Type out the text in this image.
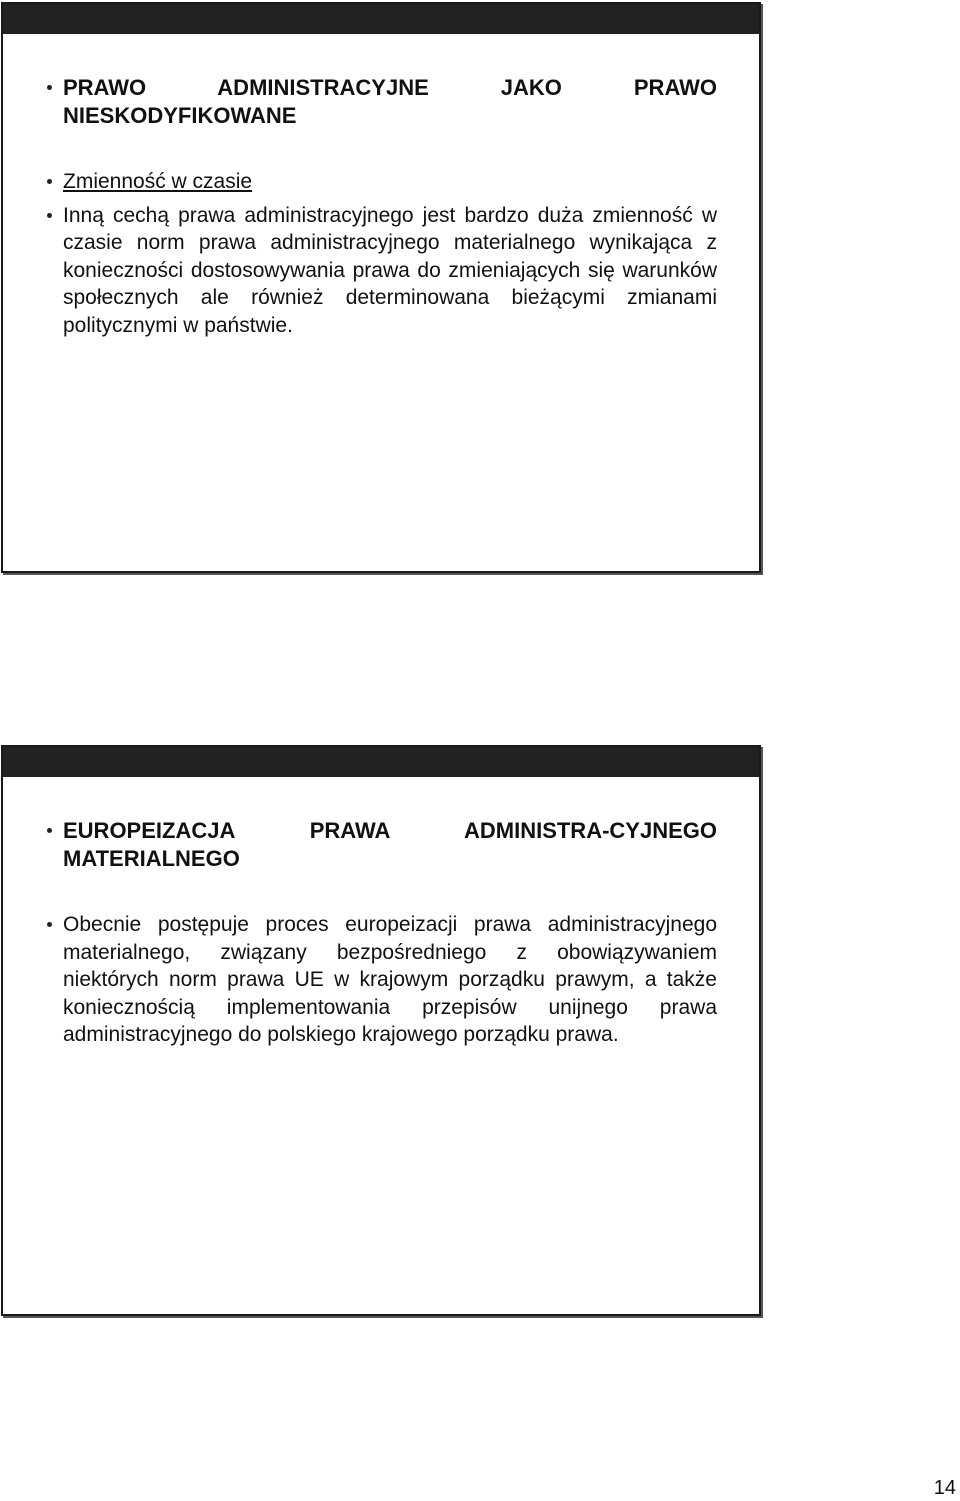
PRAWO ADMINISTRACYJNE JAKO PRAWO
NIESKODYFIKOWANE
Zmienność w czasie
Inną cechą prawa administracyjnego jest bardzo duża zmienność w czasie norm prawa administracyjnego materialnego wynikająca z konieczności dostosowywania prawa do zmieniających się warunków społecznych ale również determinowana bieżącymi zmianami politycznymi w państwie.
EUROPEIZACJA PRAWA ADMINISTRA-CYJNEGO
MATERIALNEGO
Obecnie postępuje proces europeizacji prawa administracyjnego materialnego, związany bezpośredniego z obowiązywaniem niektórych norm prawa UE w krajowym porządku prawym, a także koniecznością implementowania przepisów unijnego prawa administracyjnego do polskiego krajowego porządku prawa.
14
